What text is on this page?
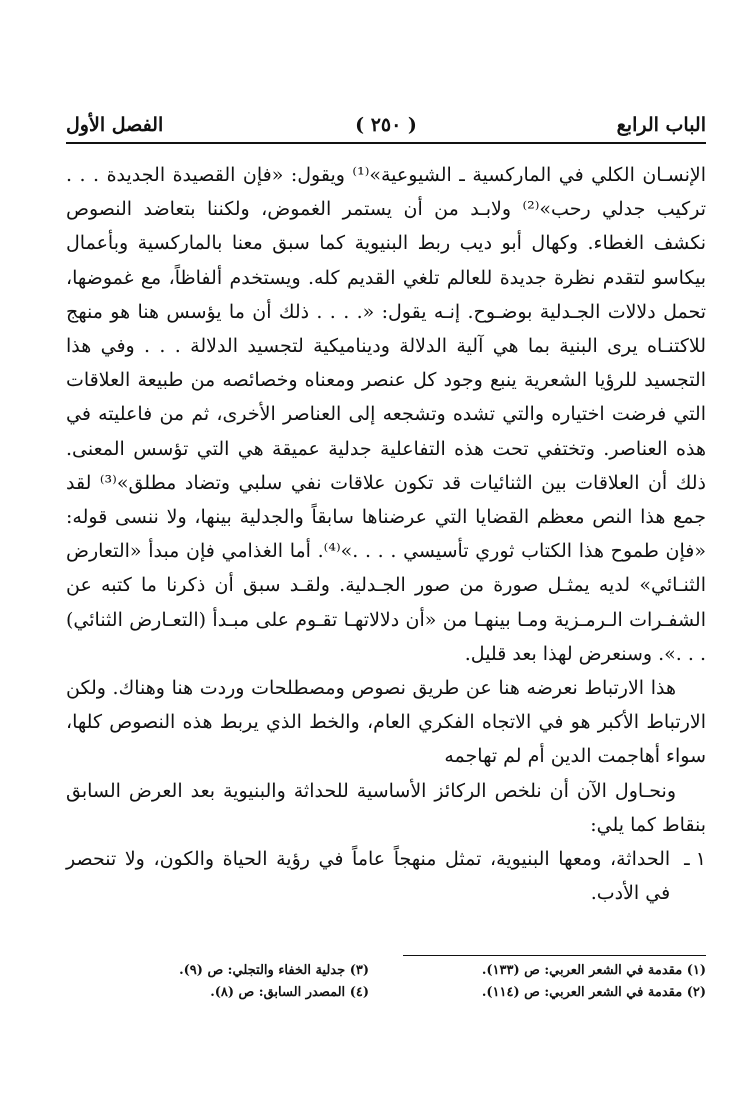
الباب الرابع
( ٢٥٠ )
الفصل الأول

الإنسـان الكلي في الماركسية ـ الشيوعية»⁽¹⁾ ويقول: «فإن القصيدة الجديدة . . . تركيب جدلي رحب»⁽²⁾ ولابـد من أن يستمر الغموض، ولكننا بتعاضد النصوص نكشف الغطاء. وكهال أبو ديب ربط البنيوية كما سبق معنا بالماركسية وبأعمال بيكاسو لتقدم نظرة جديدة للعالم تلغي القديم كله. ويستخدم ألفاظاً، مع غموضها، تحمل دلالات الجـدلية بوضـوح. إنـه يقول: «. . . . ذلك أن ما يؤسس هنا هو منهج للاكتنـاه يرى البنية بما هي آلية الدلالة وديناميكية لتجسيد الدلالة . . . وفي هذا التجسيد للرؤيا الشعرية ينبع وجود كل عنصر ومعناه وخصائصه من طبيعة العلاقات التي فرضت اختياره والتي تشده وتشجعه إلى العناصر الأخرى، ثم من فاعليته في هذه العناصر. وتختفي تحت هذه التفاعلية جدلية عميقة هي التي تؤسس المعنى. ذلك أن العلاقات بين الثنائيات قد تكون علاقات نفي سلبي وتضاد مطلق»⁽³⁾ لقد جمع هذا النص معظم القضايا التي عرضناها سابقاً والجدلية بينها، ولا ننسى قوله: «فإن طموح هذا الكتاب ثوري تأسيسي . . . .»⁽⁴⁾. أما الغذامي فإن مبدأ «التعارض الثنـائي» لديه يمثـل صورة من صور الجـدلية. ولقـد سبق أن ذكرنا ما كتبه عن الشفـرات الـرمـزية ومـا بينهـا من «أن دلالاتهـا تقـوم على مبـدأ (التعـارض الثنائي) . . .». وسنعرض لهذا بعد قليل.

هذا الارتباط نعرضه هنا عن طريق نصوص ومصطلحات وردت هنا وهناك. ولكن الارتباط الأكبر هو في الاتجاه الفكري العام، والخط الذي يربط هذه النصوص كلها، سواء أهاجمت الدين أم لم تهاجمه

ونحـاول الآن أن نلخص الركائز الأساسية للحداثة والبنيوية بعد العرض السابق بنقاط كما يلي:

١ ـ
الحداثة، ومعها البنيوية، تمثل منهجاً عاماً في رؤية الحياة والكون، ولا تنحصر في الأدب.
(١) مقدمة في الشعر العربي: ص (١٣٣).
(٢) مقدمة في الشعر العربي: ص (١١٤).
(٣) جدلية الخفاء والتجلي: ص (٩).
(٤) المصدر السابق: ص (٨).
